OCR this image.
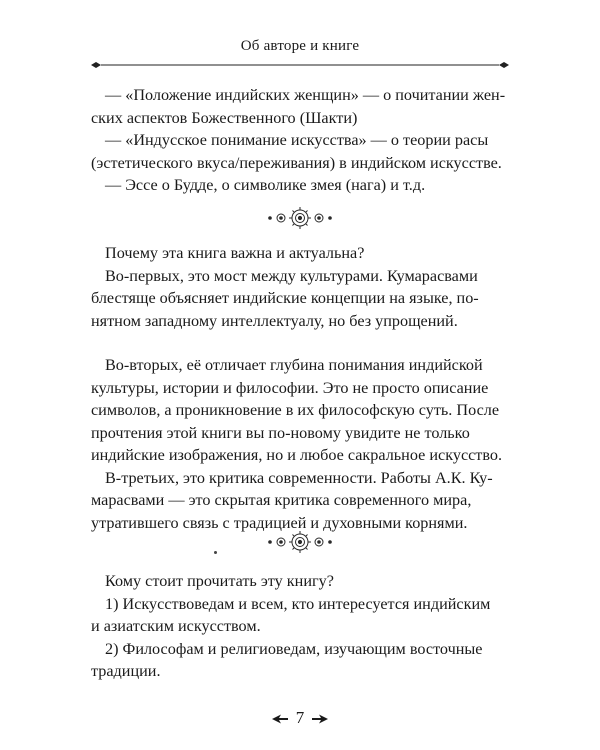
Об авторе и книге

— «Положение индийских женщин» — о почитании жен-
ских аспектов Божественного (Шакти)

— «Индусское понимание искусства» — о теории расы
(эстетического вкуса/переживания) в индийском искусстве.

— Эссе о Будде, о символике змея (нага) и т.д.

Почему эта книга важна и актуальна?

Во-первых, это мост между культурами. Кумарасвами
блестяще объясняет индийские концепции на языке, по-
нятном западному интеллектуалу, но без упрощений.

Во-вторых, её отличает глубина понимания индийской
культуры, истории и философии. Это не просто описание
символов, а проникновение в их философскую суть. После
прочтения этой книги вы по-новому увидите не только
индийские изображения, но и любое сакральное искусство.

В-третьих, это критика современности. Работы А.К. Ку-
марасвами — это скрытая критика современного мира,
утратившего связь с традицией и духовными корнями.

Кому стоит прочитать эту книгу?

1) Искусствоведам и всем, кто интересуется индийским
и азиатским искусством.

2) Философам и религиоведам, изучающим восточные
традиции.

7
